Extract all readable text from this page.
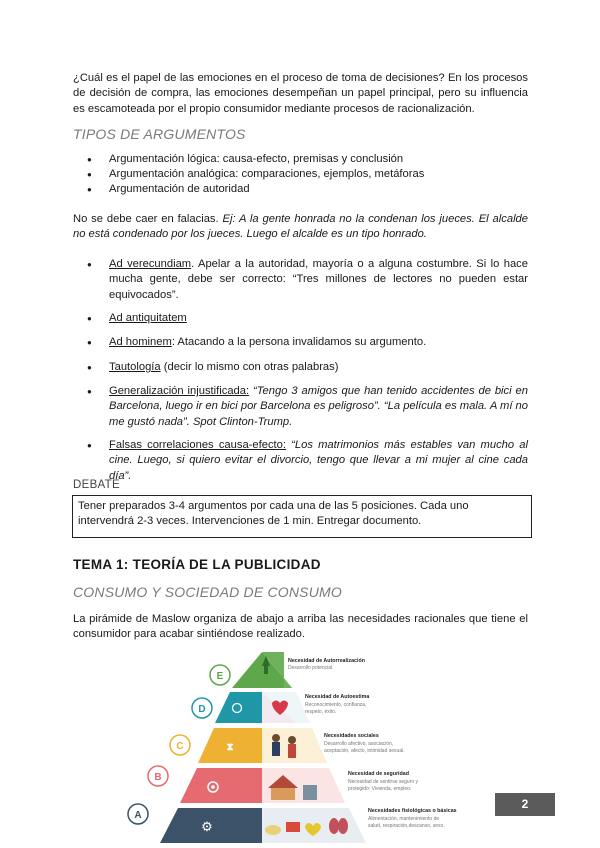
¿Cuál es el papel de las emociones en el proceso de toma de decisiones? En los procesos de decisión de compra, las emociones desempeñan un papel principal, pero su influencia es escamoteada por el propio consumidor mediante procesos de racionalización.

TIPOS DE ARGUMENTOS
● Argumentación lógica: causa-efecto, premisas y conclusión
● Argumentación analógica: comparaciones, ejemplos, metáforas
● Argumentación de autoridad

No se debe caer en falacias. Ej: A la gente honrada no la condenan los jueces. El alcalde no está condenado por los jueces. Luego el alcalde es un tipo honrado.

● Ad verecundiam. Apelar a la autoridad, mayoría o a alguna costumbre. Si lo hace mucha gente, debe ser correcto: “Tres millones de lectores no pueden estar equivocados”.
● Ad antiquitatem
● Ad hominem: Atacando a la persona invalidamos su argumento.
● Tautología (decir lo mismo con otras palabras)
● Generalización injustificada: “Tengo 3 amigos que han tenido accidentes de bici en Barcelona, luego ir en bici por Barcelona es peligroso”. “La película es mala. A mí no me gustó nada”. Spot Clinton-Trump.
● Falsas correlaciones causa-efecto: “Los matrimonios más estables van mucho al cine. Luego, si quiero evitar el divorcio, tengo que llevar a mi mujer al cine cada día”.
DEBATE
Tener preparados 3-4 argumentos por cada una de las 5 posiciones. Cada uno intervendrá 2-3 veces. Intervenciones de 1 min. Entregar documento.
TEMA 1: TEORÍA DE LA PUBLICIDAD
CONSUMO Y SOCIEDAD DE CONSUMO

La pirámide de Maslow organiza de abajo a arriba las necesidades racionales que tiene el consumidor para acabar sintiéndose realizado.

E
Necesidad de Autorrealización
Desarrollo potencial.
D
Necesidad de Autoestima
Reconocimiento, confianza,
respeto, éxito.
⧗
C
Necesidades sociales
Desarrollo afectivo, asociación,
aceptación, afecto, intimidad sexual.
B	Necesidad de seguridad
Necesidad de sentirse seguro y
protegido: Vivienda, empleo.
⚙
A	Necesidades fisiológicas o básicas
Alimentación, mantenimiento de
salud, respiración,descanso, sexo.
2
